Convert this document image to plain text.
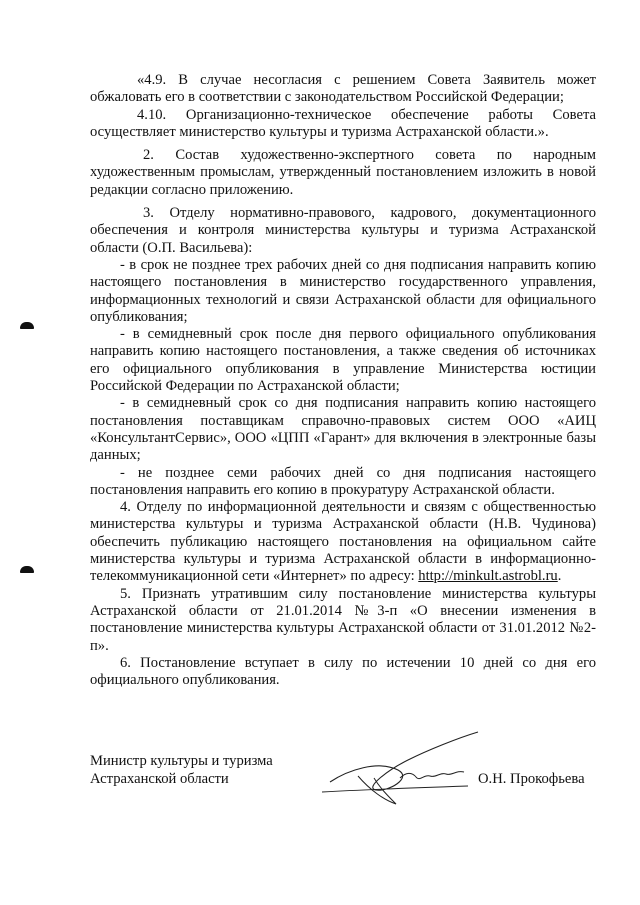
«4.9. В случае несогласия с решением Совета Заявитель может обжаловать его в соответствии с законодательством Российской Федерации;

4.10. Организационно-техническое обеспечение работы Совета осуществляет министерство культуры и туризма Астраханской области.».

2. Состав художественно-экспертного совета по народным художественным промыслам, утвержденный постановлением изложить в новой редакции согласно приложению.

3. Отделу нормативно-правового, кадрового, документационного обеспечения и контроля министерства культуры и туризма Астраханской области (О.П. Васильева):

- в срок не позднее трех рабочих дней со дня подписания направить копию настоящего постановления в министерство государственного управления, информационных технологий и связи Астраханской области для официального опубликования;

- в семидневный срок после дня первого официального опубликования направить копию настоящего постановления, а также сведения об источниках его официального опубликования в управление Министерства юстиции Российской Федерации по Астраханской области;

- в семидневный срок со дня подписания направить копию настоящего постановления поставщикам справочно-правовых систем ООО «АИЦ «КонсультантСервис», ООО «ЦПП «Гарант» для включения в электронные базы данных;

- не позднее семи рабочих дней со дня подписания настоящего постановления направить его копию в прокуратуру Астраханской области.

4. Отделу по информационной деятельности и связям с общественностью министерства культуры и туризма Астраханской области (Н.В. Чудинова) обеспечить публикацию настоящего постановления на официальном сайте министерства культуры и туризма Астраханской области в информационно-телекоммуникационной сети «Интернет» по адресу: http://minkult.astrobl.ru.

5. Признать утратившим силу постановление министерства культуры Астраханской области от 21.01.2014 №3-п «О внесении изменения в постановление министерства культуры Астраханской области от 31.01.2012 №2-п».

6. Постановление вступает в силу по истечении 10 дней со дня его официального опубликования.

Министр культуры и туризма Астраханской области	О.Н. Прокофьева
